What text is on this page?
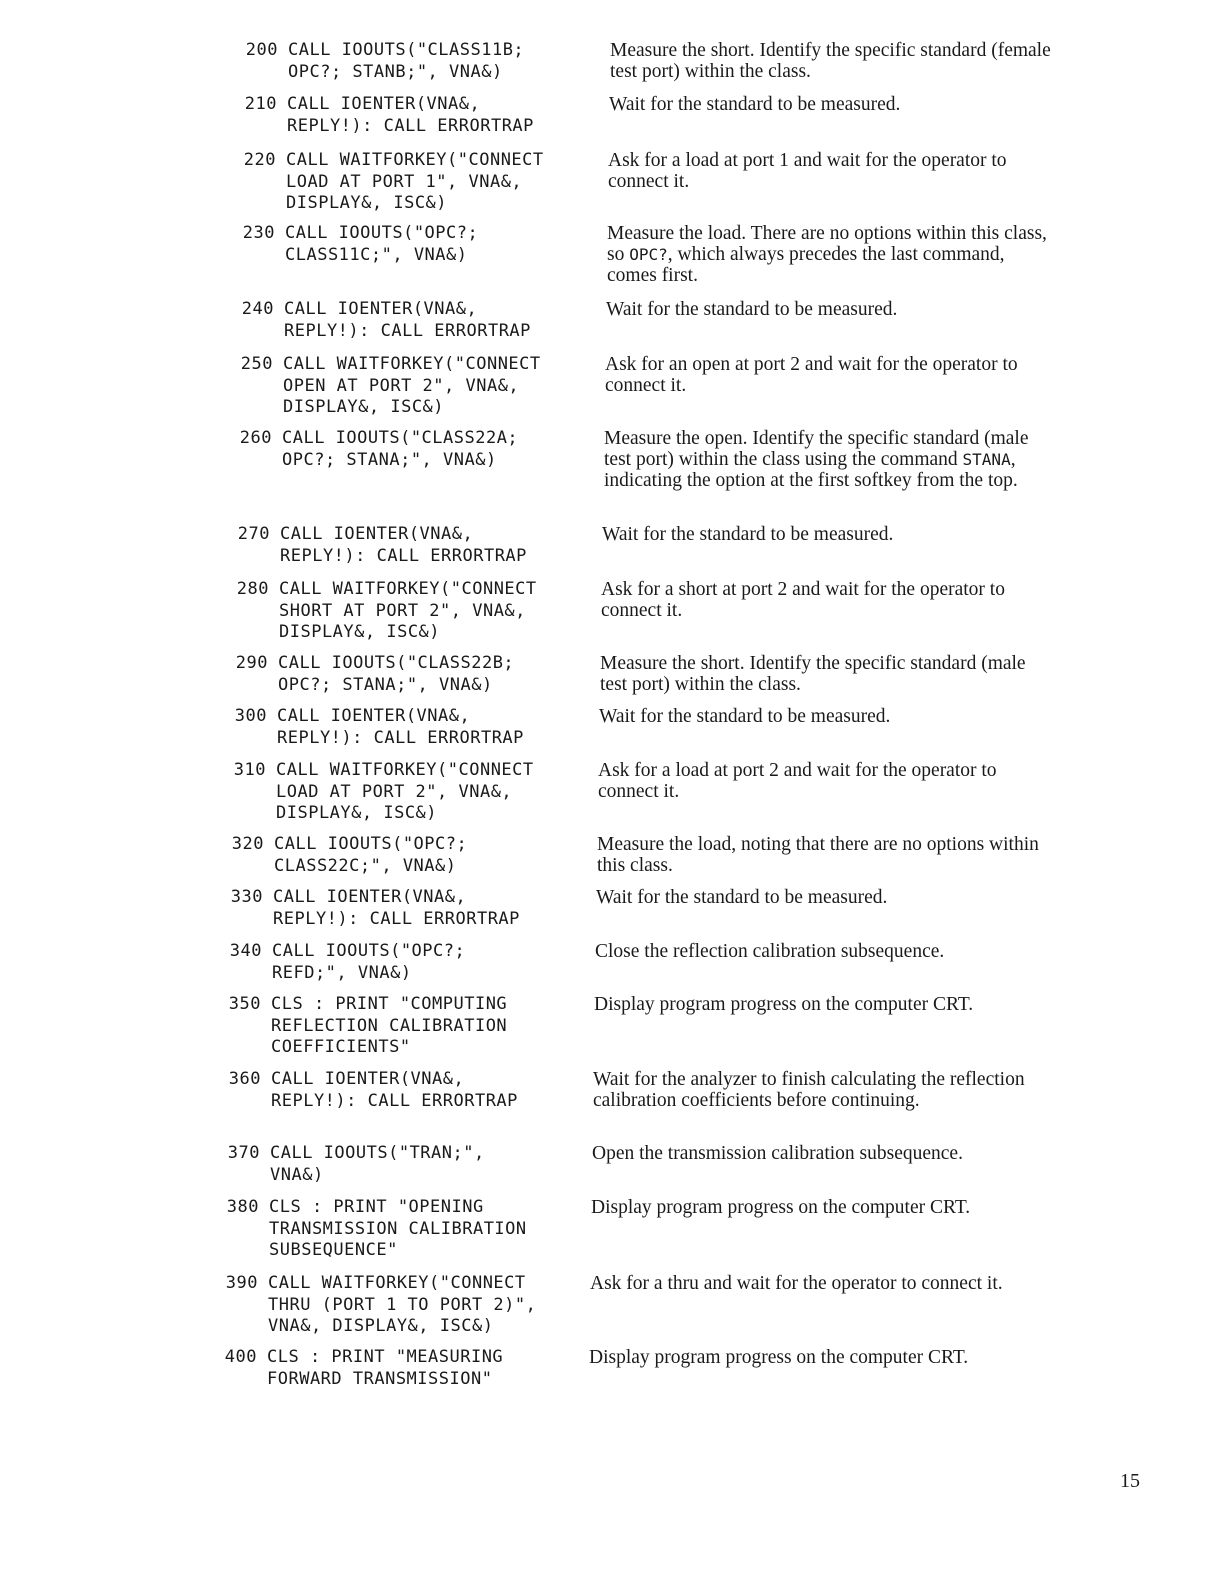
200 CALL IOOUTS("CLASS11B;
OPC?; STANB;", VNA&)
Measure the short. Identify the specific standard (female test port) within the class.
210 CALL IOENTER(VNA&,
REPLY!): CALL ERRORTRAP
Wait for the standard to be measured.
220 CALL WAITFORKEY("CONNECT
LOAD AT PORT 1", VNA&,
DISPLAY&, ISC&)
Ask for a load at port 1 and wait for the operator to connect it.
230 CALL IOOUTS("OPC?;
CLASS11C;", VNA&)
Measure the load. There are no options within this class, so OPC?, which always precedes the last command, comes first.
240 CALL IOENTER(VNA&,
REPLY!): CALL ERRORTRAP
Wait for the standard to be measured.
250 CALL WAITFORKEY("CONNECT
OPEN AT PORT 2", VNA&,
DISPLAY&, ISC&)
Ask for an open at port 2 and wait for the operator to connect it.
260 CALL IOOUTS("CLASS22A;
OPC?; STANA;", VNA&)
Measure the open. Identify the specific standard (male test port) within the class using the command STANA, indicating the option at the first softkey from the top.
270 CALL IOENTER(VNA&,
REPLY!): CALL ERRORTRAP
Wait for the standard to be measured.
280 CALL WAITFORKEY("CONNECT
SHORT AT PORT 2", VNA&,
DISPLAY&, ISC&)
Ask for a short at port 2 and wait for the operator to connect it.
290 CALL IOOUTS("CLASS22B;
OPC?; STANA;", VNA&)
Measure the short. Identify the specific standard (male test port) within the class.
300 CALL IOENTER(VNA&,
REPLY!): CALL ERRORTRAP
Wait for the standard to be measured.
310 CALL WAITFORKEY("CONNECT
LOAD AT PORT 2", VNA&,
DISPLAY&, ISC&)
Ask for a load at port 2 and wait for the operator to connect it.
320 CALL IOOUTS("OPC?;
CLASS22C;", VNA&)
Measure the load, noting that there are no options within this class.
330 CALL IOENTER(VNA&,
REPLY!): CALL ERRORTRAP
Wait for the standard to be measured.
340 CALL IOOUTS("OPC?;
REFD;", VNA&)
Close the reflection calibration subsequence.
350 CLS : PRINT "COMPUTING
REFLECTION CALIBRATION
COEFFICIENTS"
Display program progress on the computer CRT.
360 CALL IOENTER(VNA&,
REPLY!): CALL ERRORTRAP
Wait for the analyzer to finish calculating the reflection calibration coefficients before continuing.
370 CALL IOOUTS("TRAN;",
VNA&)
Open the transmission calibration subsequence.
380 CLS : PRINT "OPENING
TRANSMISSION CALIBRATION
SUBSEQUENCE"
Display program progress on the computer CRT.
390 CALL WAITFORKEY("CONNECT
THRU (PORT 1 TO PORT 2)",
VNA&, DISPLAY&, ISC&)
Ask for a thru and wait for the operator to connect it.
400 CLS : PRINT "MEASURING
FORWARD TRANSMISSION"
Display program progress on the computer CRT.
15
